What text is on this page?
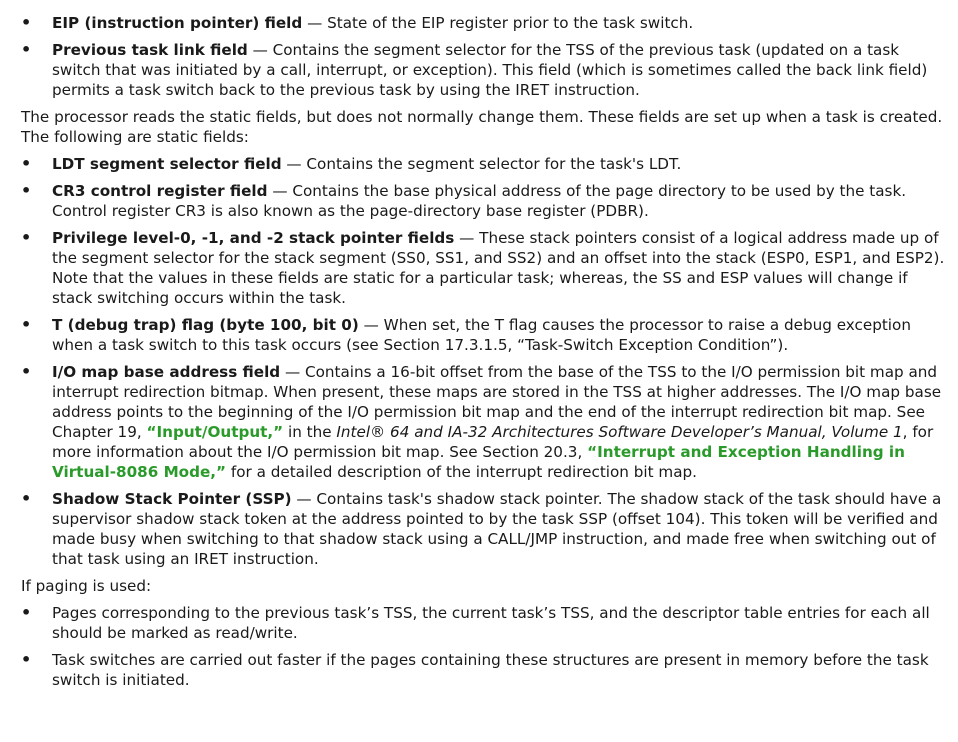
• EIP (instruction pointer) field — State of the EIP register prior to the task switch.
• Previous task link field — Contains the segment selector for the TSS of the previous task (updated on a task switch that was initiated by a call, interrupt, or exception). This field (which is sometimes called the back link field) permits a task switch back to the previous task by using the IRET instruction.

The processor reads the static fields, but does not normally change them. These fields are set up when a task is created. The following are static fields:

• LDT segment selector field — Contains the segment selector for the task's LDT.
• CR3 control register field — Contains the base physical address of the page directory to be used by the task. Control register CR3 is also known as the page-directory base register (PDBR).
• Privilege level-0, -1, and -2 stack pointer fields — These stack pointers consist of a logical address made up of the segment selector for the stack segment (SS0, SS1, and SS2) and an offset into the stack (ESP0, ESP1, and ESP2). Note that the values in these fields are static for a particular task; whereas, the SS and ESP values will change if stack switching occurs within the task.
• T (debug trap) flag (byte 100, bit 0) — When set, the T flag causes the processor to raise a debug exception when a task switch to this task occurs (see Section 17.3.1.5, “Task-Switch Exception Condition”).
• I/O map base address field — Contains a 16-bit offset from the base of the TSS to the I/O permission bit map and interrupt redirection bitmap. When present, these maps are stored in the TSS at higher addresses. The I/O map base address points to the beginning of the I/O permission bit map and the end of the interrupt redirection bit map. See Chapter 19, “Input/Output,” in the Intel® 64 and IA-32 Architectures Software Developer’s Manual, Volume 1, for more information about the I/O permission bit map. See Section 20.3, “Interrupt and Exception Handling in Virtual-8086 Mode,” for a detailed description of the interrupt redirection bit map.
• Shadow Stack Pointer (SSP) — Contains task's shadow stack pointer. The shadow stack of the task should have a supervisor shadow stack token at the address pointed to by the task SSP (offset 104). This token will be verified and made busy when switching to that shadow stack using a CALL/JMP instruction, and made free when switching out of that task using an IRET instruction.

If paging is used:

• Pages corresponding to the previous task’s TSS, the current task’s TSS, and the descriptor table entries for each all should be marked as read/write.
• Task switches are carried out faster if the pages containing these structures are present in memory before the task switch is initiated.
